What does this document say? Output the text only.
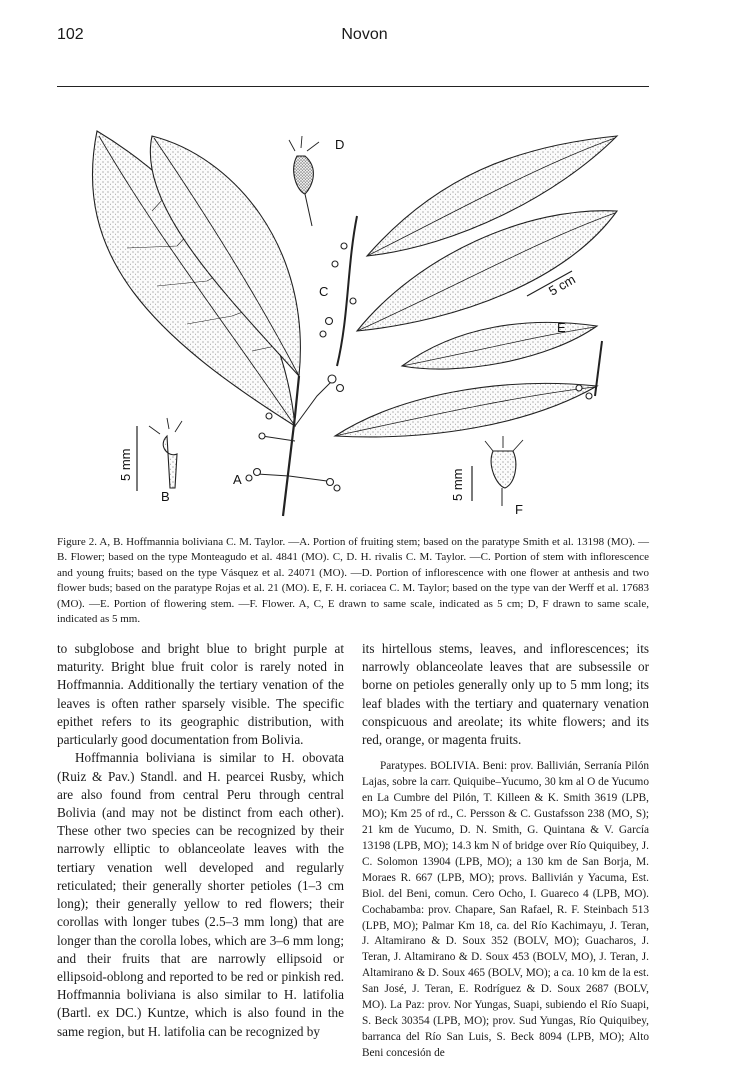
102	Novon
D
C	5 cm
E
5 mm
B
A	5 mm
F
Figure 2. A, B. Hoffmannia boliviana C. M. Taylor. —A. Portion of fruiting stem; based on the paratype Smith et al. 13198 (MO). —B. Flower; based on the type Monteagudo et al. 4841 (MO). C, D. H. rivalis C. M. Taylor. —C. Portion of stem with inflorescence and young fruits; based on the type Vásquez et al. 24071 (MO). —D. Portion of inflorescence with one flower at anthesis and two flower buds; based on the paratype Rojas et al. 21 (MO). E, F. H. coriacea C. M. Taylor; based on the type van der Werff et al. 17683 (MO). —E. Portion of flowering stem. —F. Flower. A, C, E drawn to same scale, indicated as 5 cm; D, F drawn to same scale, indicated as 5 mm.

to subglobose and bright blue to bright purple at maturity. Bright blue fruit color is rarely noted in Hoffmannia. Additionally the tertiary venation of the leaves is often rather sparsely visible. The specific epithet refers to its geographic distribution, with particularly good documentation from Bolivia.

Hoffmannia boliviana is similar to H. obovata (Ruiz & Pav.) Standl. and H. pearcei Rusby, which are also found from central Peru through central Bolivia (and may not be distinct from each other). These other two species can be recognized by their narrowly elliptic to oblanceolate leaves with the tertiary venation well developed and regularly reticulated; their generally shorter petioles (1–3 cm long); their generally yellow to red flowers; their corollas with longer tubes (2.5–3 mm long) that are longer than the corolla lobes, which are 3–6 mm long; and their fruits that are narrowly ellipsoid or ellipsoid-oblong and reported to be red or pinkish red. Hoffmannia boliviana is also similar to H. latifolia (Bartl. ex DC.) Kuntze, which is also found in the same region, but H. latifolia can be recognized by

its hirtellous stems, leaves, and inflorescences; its narrowly oblanceolate leaves that are subsessile or borne on petioles generally only up to 5 mm long; its leaf blades with the tertiary and quaternary venation conspicuous and areolate; its white flowers; and its red, orange, or magenta fruits.

Paratypes. BOLIVIA. Beni: prov. Ballivián, Serranía Pilón Lajas, sobre la carr. Quiquibe–Yucumo, 30 km al O de Yucumo en La Cumbre del Pilón, T. Killeen & K. Smith 3619 (LPB, MO); Km 25 of rd., C. Persson & C. Gustafsson 238 (MO, S); 21 km de Yucumo, D. N. Smith, G. Quintana & V. García 13198 (LPB, MO); 14.3 km N of bridge over Río Quiquibey, J. C. Solomon 13904 (LPB, MO); a 130 km de San Borja, M. Moraes R. 667 (LPB, MO); provs. Ballivián y Yacuma, Est. Biol. del Beni, comun. Cero Ocho, I. Guareco 4 (LPB, MO). Cochabamba: prov. Chapare, San Rafael, R. F. Steinbach 513 (LPB, MO); Palmar Km 18, ca. del Río Kachimayu, J. Teran, J. Altamirano & D. Soux 352 (BOLV, MO); Guacharos, J. Teran, J. Altamirano & D. Soux 453 (BOLV, MO), J. Teran, J. Altamirano & D. Soux 465 (BOLV, MO); a ca. 10 km de la est. San José, J. Teran, E. Rodríguez & D. Soux 2687 (BOLV, MO). La Paz: prov. Nor Yungas, Suapi, subiendo el Río Suapi, S. Beck 30354 (LPB, MO); prov. Sud Yungas, Río Quiquibey, barranca del Río San Luis, S. Beck 8094 (LPB, MO); Alto Beni concesión de
